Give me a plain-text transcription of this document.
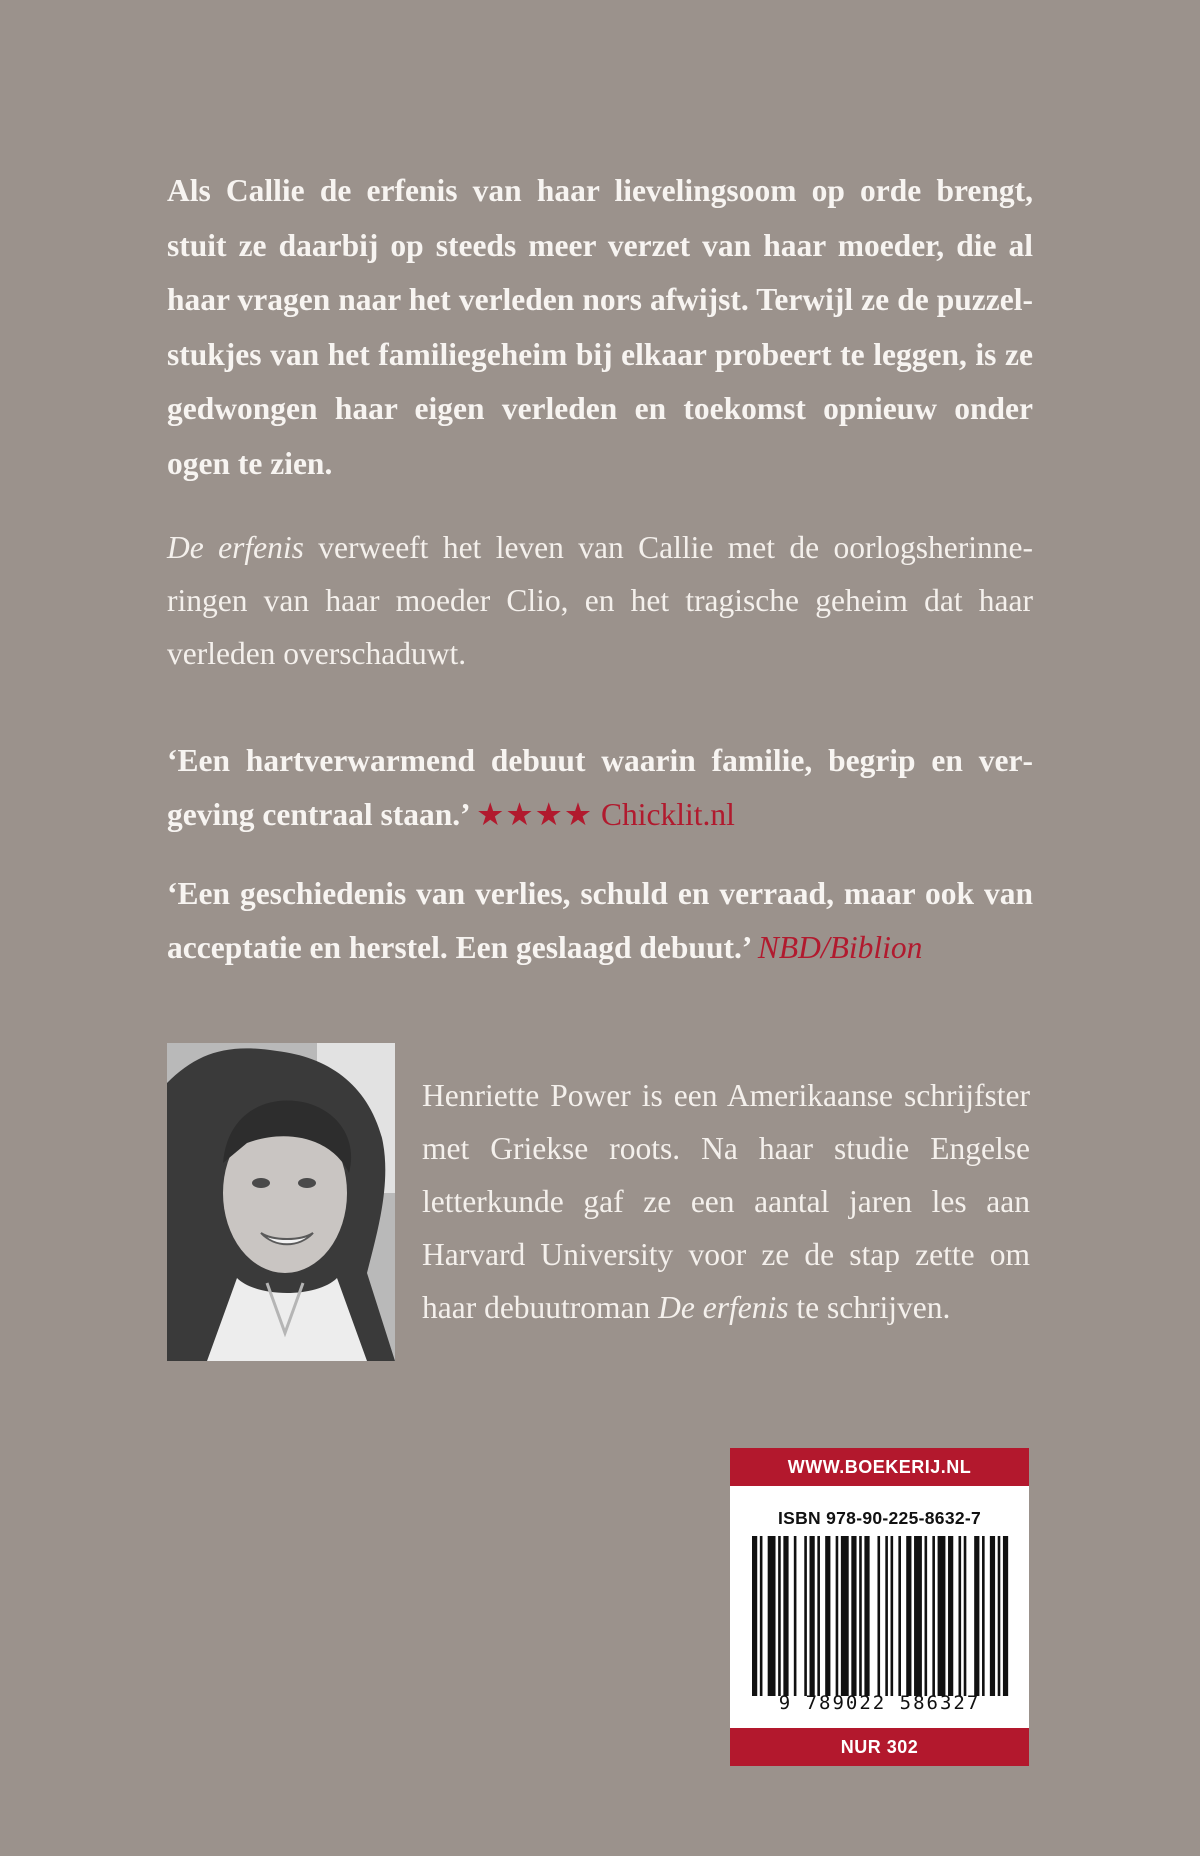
Als Callie de erfenis van haar lievelingsoom op orde brengt, stuit ze daarbij op steeds meer verzet van haar moeder, die al haar vragen naar het verleden nors afwijst. Terwijl ze de puzzelstukjes van het familiegeheim bij elkaar probeert te leggen, is ze gedwongen haar eigen verleden en toekomst opnieuw onder ogen te zien.

De erfenis verweeft het leven van Callie met de oorlogsherinneringen van haar moeder Clio, en het tragische geheim dat haar verleden overschaduwt.

‘Een hartverwarmend debuut waarin familie, begrip en vergeving centraal staan.’ ★★★★ Chicklit.nl

‘Een geschiedenis van verlies, schuld en verraad, maar ook van acceptatie en herstel. Een geslaagd debuut.’ NBD/Biblion

Henriette Power is een Amerikaanse schrijfster met Griekse roots. Na haar studie Engelse letterkunde gaf ze een aantal jaren les aan Harvard University voor ze de stap zette om haar debuutroman De erfenis te schrijven.

WWW.BOEKERIJ.NL
ISBN 978-90-225-8632-7
9 789022 586327
NUR 302
